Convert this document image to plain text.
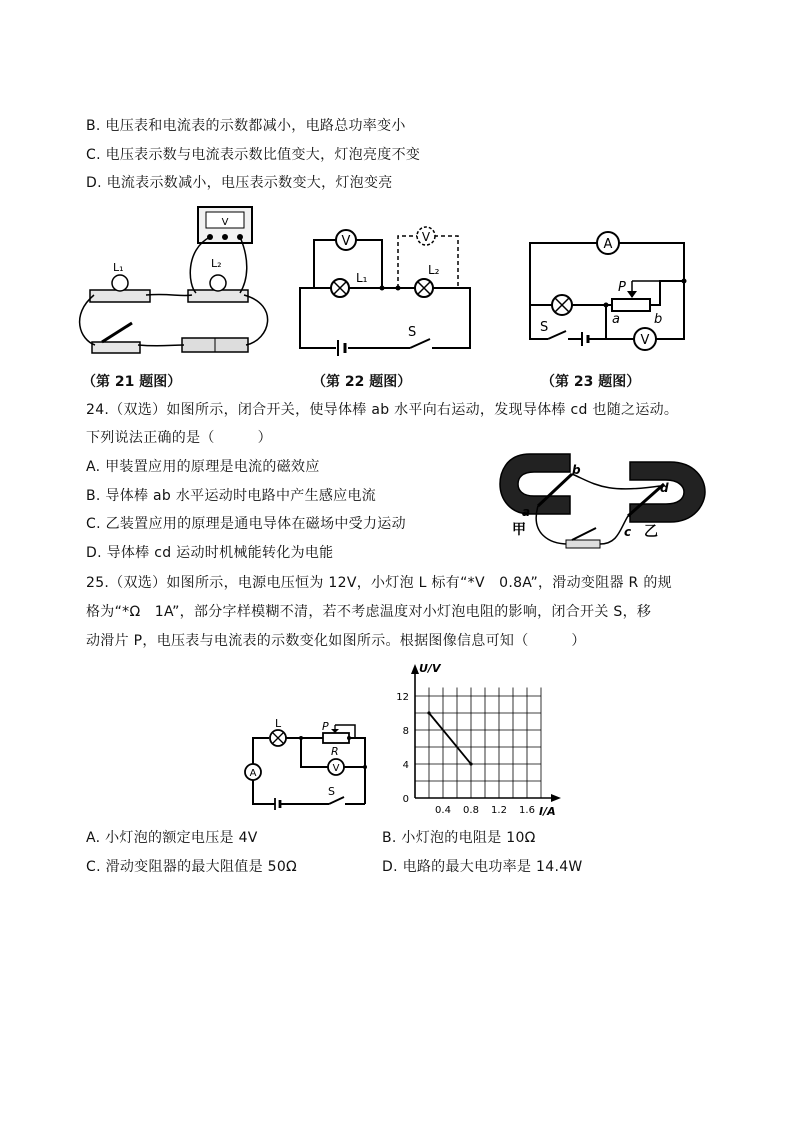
B. 电压表和电流表的示数都减小，电路总功率变小
C. 电压表示数与电流表示数比值变大，灯泡亮度不变
D. 电流表示数减小，电压表示数变大，灯泡变亮
V
L₁	L₂
V	V
L₁
L₂
S
A
P
a	b
S
V
（第 21 题图）	（第 22 题图）	（第 23 题图）
24.（双选）如图所示，闭合开关，使导体棒 ab 水平向右运动，发现导体棒 cd 也随之运动。
下列说法正确的是（　　　）
A. 甲装置应用的原理是电流的磁效应
B. 导体棒 ab 水平运动时电路中产生感应电流
C. 乙装置应用的原理是通电导体在磁场中受力运动
D. 导体棒 cd 运动时机械能转化为电能
b
a
甲
d
c 乙
25.（双选）如图所示，电源电压恒为 12V，小灯泡 L 标有“*V　0.8A”，滑动变阻器 R 的规
格为“*Ω　1A”，部分字样模糊不清，若不考虑温度对小灯泡电阻的影响，闭合开关 S，移
动滑片 P，电压表与电流表的示数变化如图所示。根据图像信息可知（　　　）
L	P
R
V
A
S
0.4 0.8 1.2 1.6
0
4
8
12
U/V
I/A
A. 小灯泡的额定电压是 4V	B. 小灯泡的电阻是 10Ω
C. 滑动变阻器的最大阻值是 50Ω	D. 电路的最大电功率是 14.4W
